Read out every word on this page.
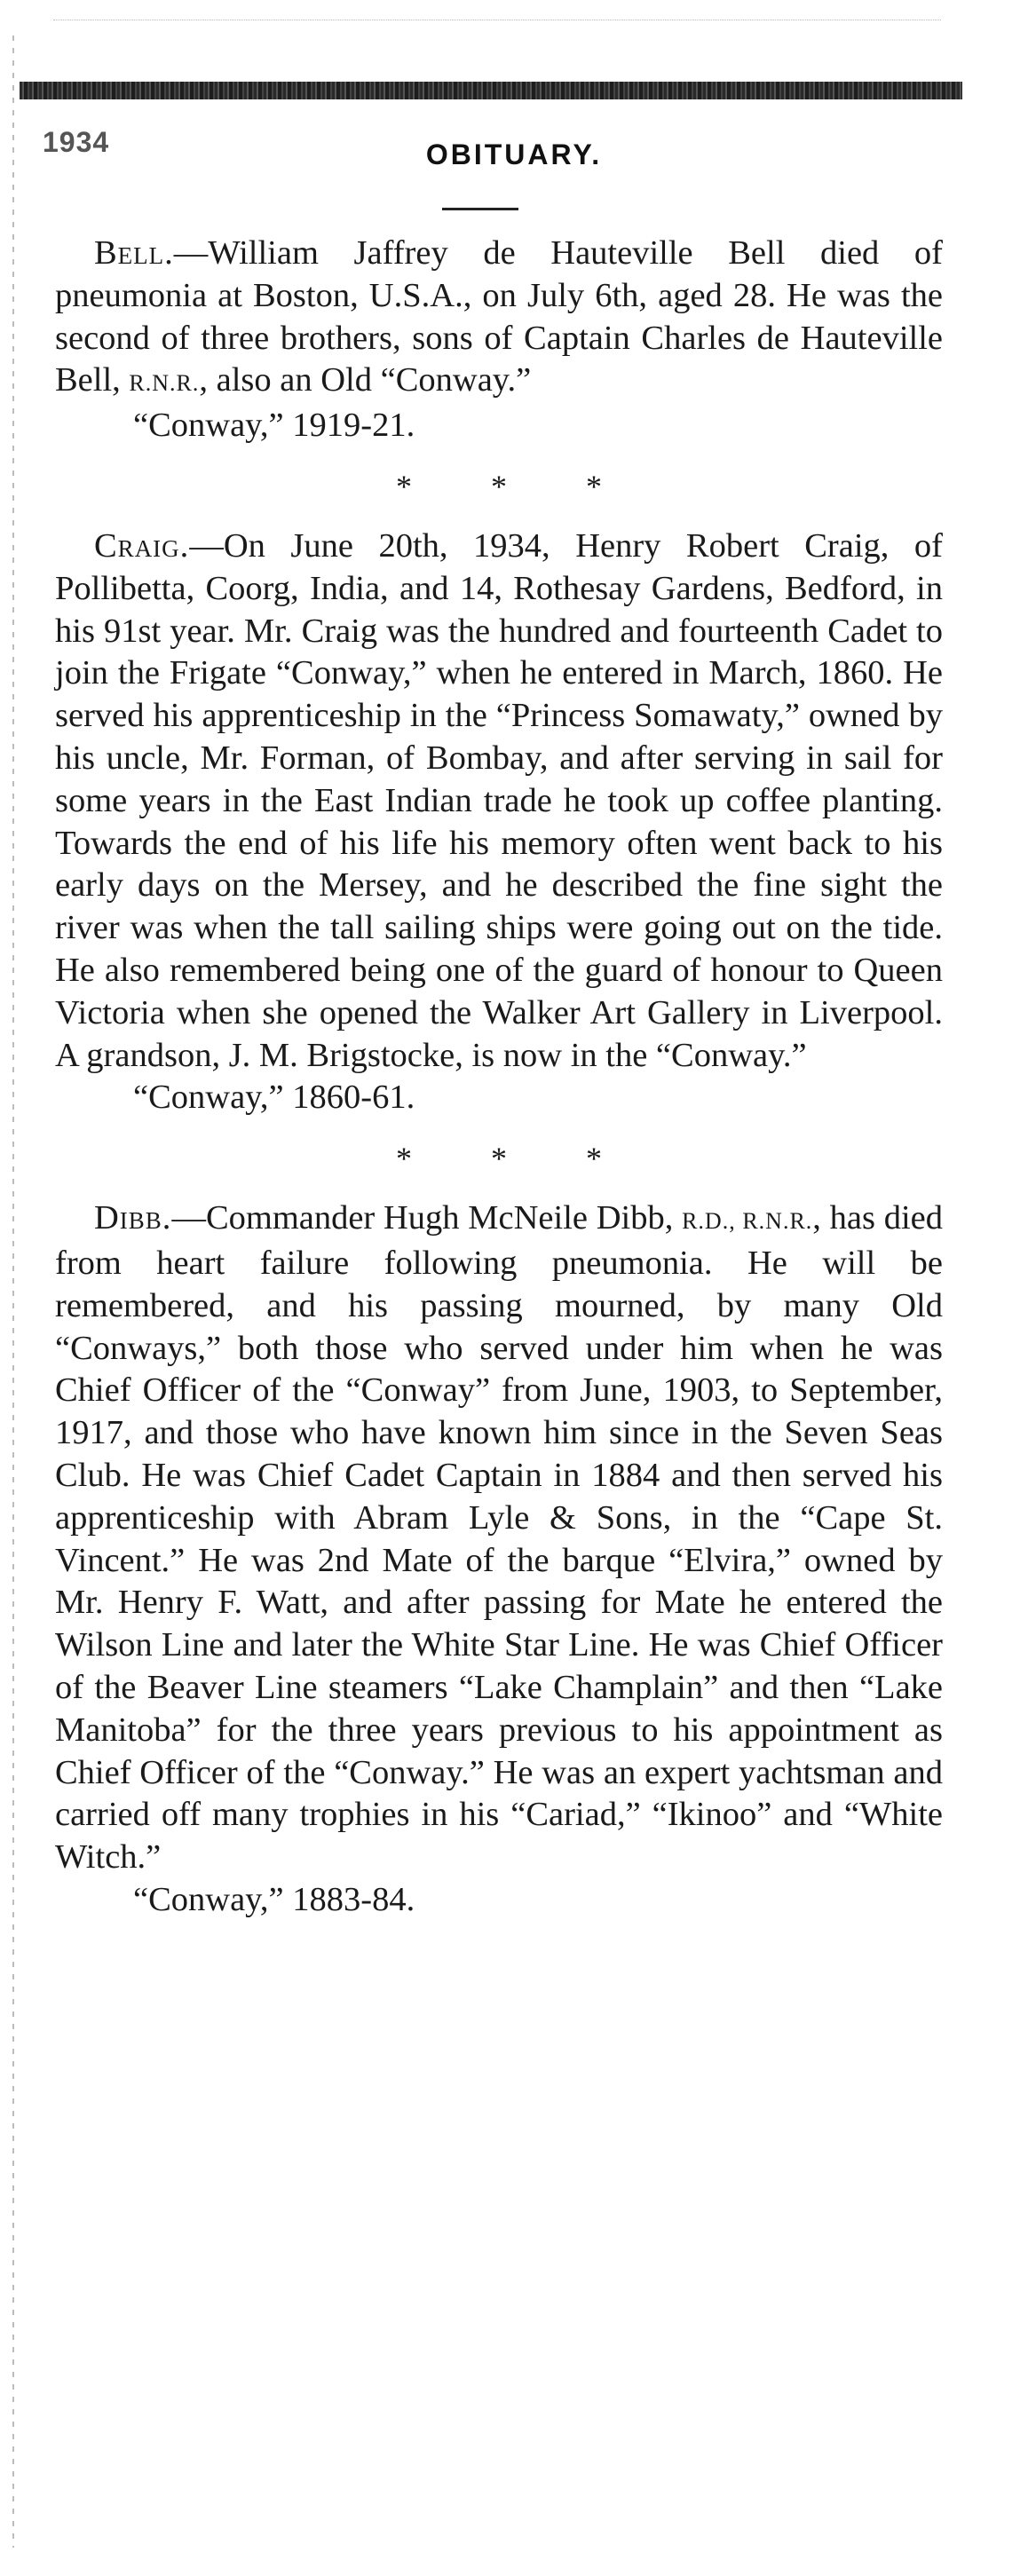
1934	OBITUARY.

Bell.—William Jaffrey de Hauteville Bell died of pneumonia at Boston, U.S.A., on July 6th, aged 28. He was the second of three brothers, sons of Captain Charles de Hauteville Bell, R.N.R., also an Old “Conway.”

“Conway,” 1919-21.

* * *

Craig.—On June 20th, 1934, Henry Robert Craig, of Pollibetta, Coorg, India, and 14, Rothesay Gardens, Bedford, in his 91st year. Mr. Craig was the hundred and fourteenth Cadet to join the Frigate “Conway,” when he entered in March, 1860. He served his apprenticeship in the “Princess Somawaty,” owned by his uncle, Mr. Forman, of Bombay, and after serving in sail for some years in the East Indian trade he took up coffee planting. Towards the end of his life his memory often went back to his early days on the Mersey, and he described the fine sight the river was when the tall sailing ships were going out on the tide. He also remembered being one of the guard of honour to Queen Victoria when she opened the Walker Art Gallery in Liverpool. A grandson, J. M. Brigstocke, is now in the “Conway.”

“Conway,” 1860-61.

* * *

Dibb.—Commander Hugh McNeile Dibb, R.D., R.N.R., has died from heart failure following pneumonia. He will be remembered, and his passing mourned, by many Old “Conways,” both those who served under him when he was Chief Officer of the “Conway” from June, 1903, to September, 1917, and those who have known him since in the Seven Seas Club. He was Chief Cadet Captain in 1884 and then served his apprenticeship with Abram Lyle & Sons, in the “Cape St. Vincent.” He was 2nd Mate of the barque “Elvira,” owned by Mr. Henry F. Watt, and after passing for Mate he entered the Wilson Line and later the White Star Line. He was Chief Officer of the Beaver Line steamers “Lake Champlain” and then “Lake Manitoba” for the three years previous to his appointment as Chief Officer of the “Conway.” He was an expert yachtsman and carried off many trophies in his “Cariad,” “Ikinoo” and “White Witch.”

“Conway,” 1883-84.
